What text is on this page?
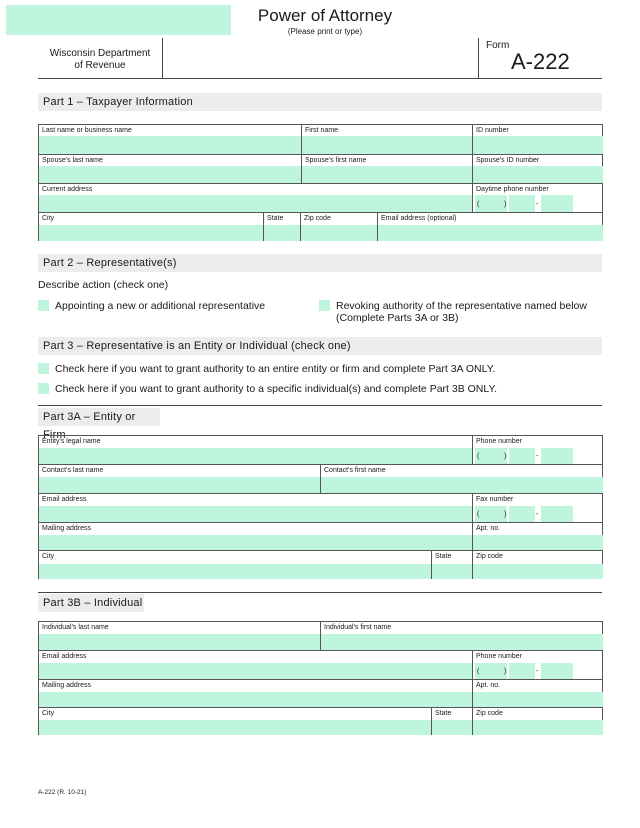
Power of Attorney
(Please print or type)
Wisconsin Department
of Revenue
Form
A-222
Part 1 – Taxpayer Information
Last name or business name	First name	ID number
Spouse's last name	Spouse's first name	Spouse's ID number
Current address	Daytime phone number
(	)	-
City	State	Zip code	Email address (optional)
Part 2 – Representative(s)
Describe action (check one)
Appointing a new or additional representative	Revoking authority of the representative named below
(Complete Parts 3A or 3B)
Part 3 – Representative is an Entity or Individual (check one)
Check here if you want to grant authority to an entire entity or firm and complete Part 3A ONLY.
Check here if you want to grant authority to a specific individual(s) and complete Part 3B ONLY.
Part 3A – Entity or Firm
Entity's legal name	Phone number
(	)	-
Contact's last name	Contact's first name
Email address	Fax number
(	)	-
Mailing address	Apt. no.
City	State	Zip code
Part 3B – Individual
Individual's last name	Individual's first name
Email address	Phone number
(	)	-
Mailing address	Apt. no.
City	State	Zip code
A-222 (R. 10-21)
